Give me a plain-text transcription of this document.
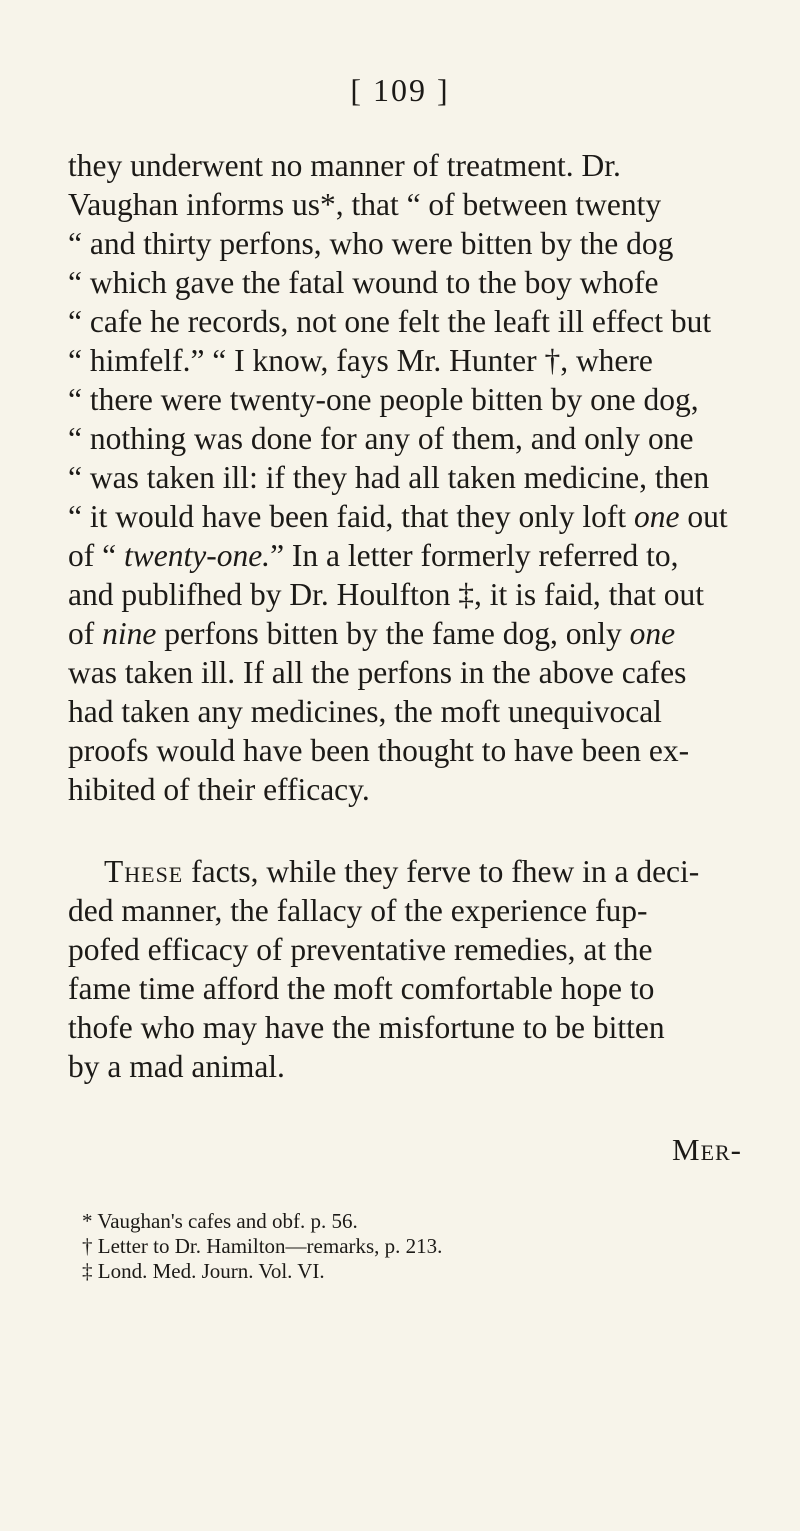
[ 109 ]
they underwent no manner of treatment. Dr.
Vaughan informs us*, that “ of between twenty
“ and thirty perfons, who were bitten by the dog
“ which gave the fatal wound to the boy whofe
“ cafe he records, not one felt the leaft ill effect but
“ himfelf.” “ I know, fays Mr. Hunter †, where
“ there were twenty-one people bitten by one dog,
“ nothing was done for any of them, and only one
“ was taken ill: if they had all taken medicine, then
“ it would have been faid, that they only loft one out
of “ twenty-one.” In a letter formerly referred to,
and publifhed by Dr. Houlfton ‡, it is faid, that out
of nine perfons bitten by the fame dog, only one
was taken ill. If all the perfons in the above cafes
had taken any medicines, the moft unequivocal
proofs would have been thought to have been ex-
hibited of their efficacy.
These facts, while they ferve to fhew in a deci-
ded manner, the fallacy of the experience fup-
pofed efficacy of preventative remedies, at the
fame time afford the moft comfortable hope to
thofe who may have the misfortune to be bitten
by a mad animal.
Mer-
* Vaughan's cafes and obf. p. 56.
† Letter to Dr. Hamilton—remarks, p. 213.
‡ Lond. Med. Journ. Vol. VI.
